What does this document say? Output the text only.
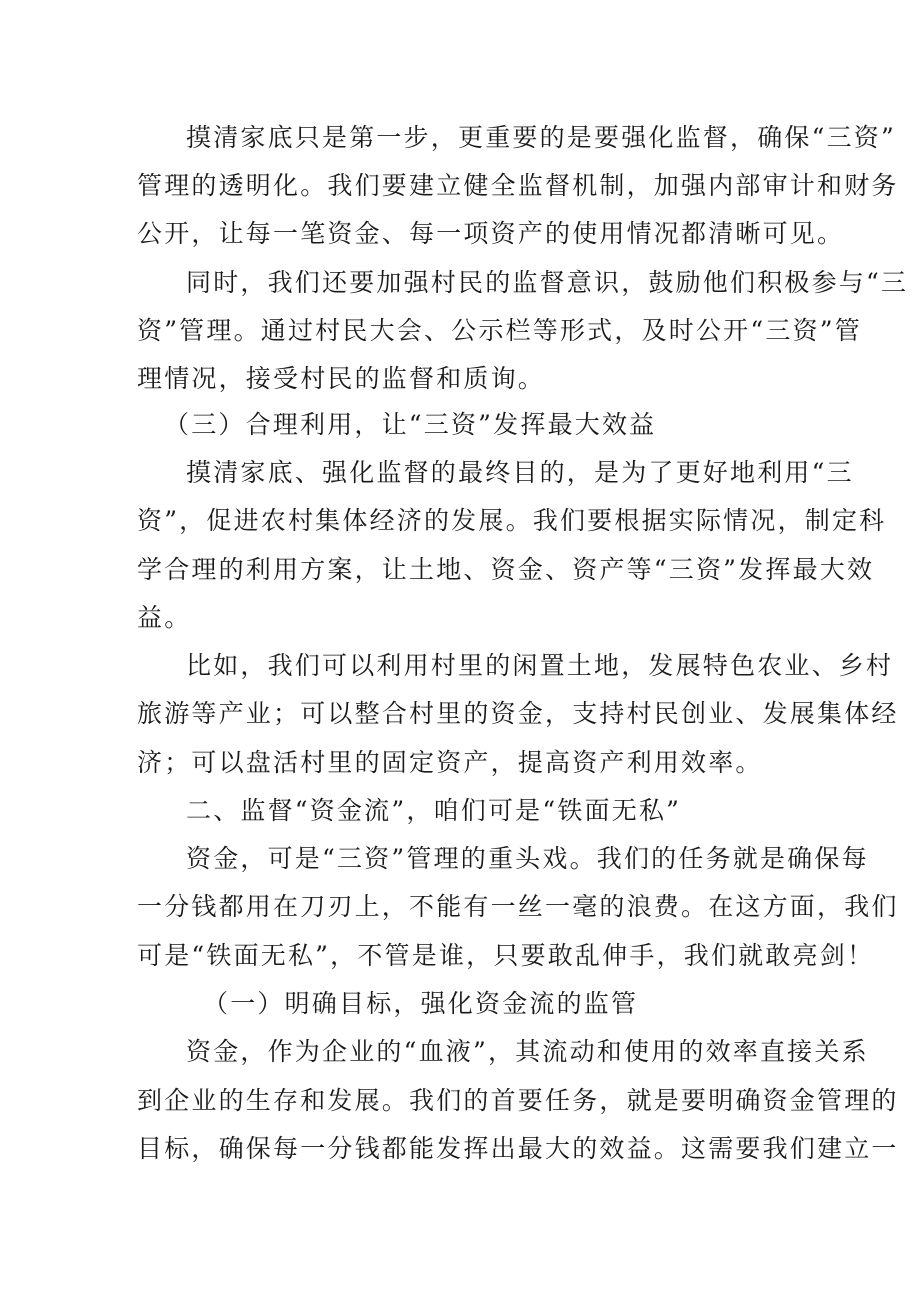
摸清家底只是第一步，更重要的是要强化监督，确保“三资”
管理的透明化。我们要建立健全监督机制，加强内部审计和财务
公开，让每一笔资金、每一项资产的使用情况都清晰可见。
同时，我们还要加强村民的监督意识，鼓励他们积极参与“三
资”管理。通过村民大会、公示栏等形式，及时公开“三资”管
理情况，接受村民的监督和质询。
（三）合理利用，让“三资”发挥最大效益
摸清家底、强化监督的最终目的，是为了更好地利用“三
资”，促进农村集体经济的发展。我们要根据实际情况，制定科
学合理的利用方案，让土地、资金、资产等“三资”发挥最大效
益。
比如，我们可以利用村里的闲置土地，发展特色农业、乡村
旅游等产业；可以整合村里的资金，支持村民创业、发展集体经
济；可以盘活村里的固定资产，提高资产利用效率。
二、监督“资金流”，咱们可是“铁面无私”
资金，可是“三资”管理的重头戏。我们的任务就是确保每
一分钱都用在刀刃上，不能有一丝一毫的浪费。在这方面，我们
可是“铁面无私”，不管是谁，只要敢乱伸手，我们就敢亮剑！
（一）明确目标，强化资金流的监管
资金，作为企业的“血液”，其流动和使用的效率直接关系
到企业的生存和发展。我们的首要任务，就是要明确资金管理的
目标，确保每一分钱都能发挥出最大的效益。这需要我们建立一
